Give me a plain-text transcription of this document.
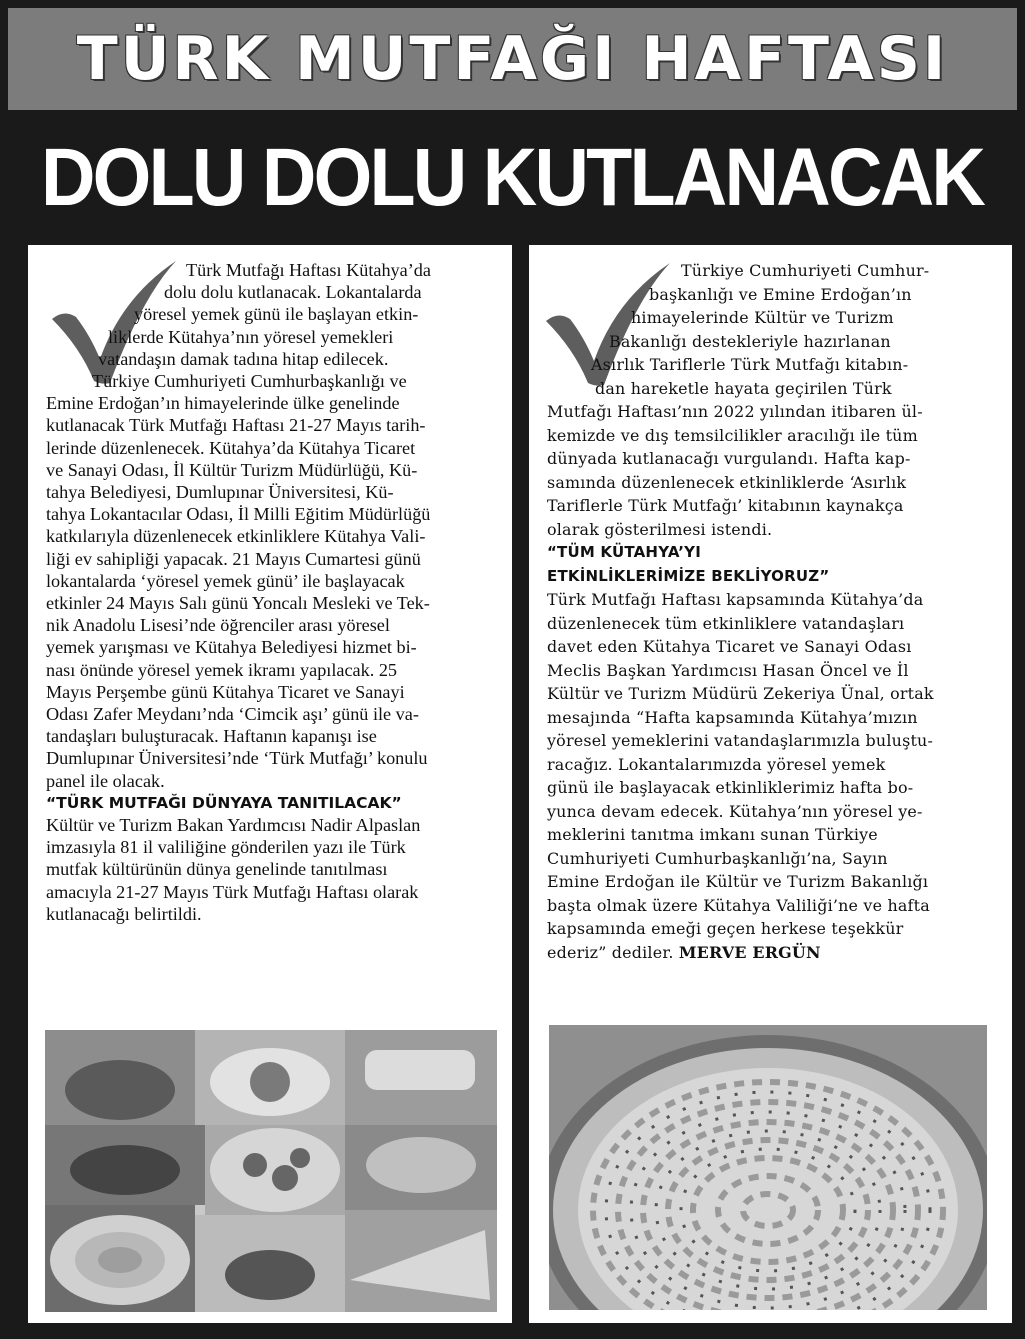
TÜRK MUTFAĞI HAFTASI
DOLU DOLU KUTLANACAK
Türk Mutfağı Haftası Kütahya’da
dolu dolu kutlanacak. Lokantalarda
yöresel yemek günü ile başlayan etkin-
liklerde Kütahya’nın yöresel yemekleri
vatandaşın damak tadına hitap edilecek.
Türkiye Cumhuriyeti Cumhurbaşkanlığı ve
Emine Erdoğan’ın himayelerinde ülke genelinde
kutlanacak Türk Mutfağı Haftası 21-27 Mayıs tarih-
lerinde düzenlenecek. Kütahya’da Kütahya Ticaret
ve Sanayi Odası, İl Kültür Turizm Müdürlüğü, Kü-
tahya Belediyesi, Dumlupınar Üniversitesi, Kü-
tahya Lokantacılar Odası, İl Milli Eğitim Müdürlüğü
katkılarıyla düzenlenecek etkinliklere Kütahya Vali-
liği ev sahipliği yapacak. 21 Mayıs Cumartesi günü
lokantalarda ‘yöresel yemek günü’ ile başlayacak
etkinler 24 Mayıs Salı günü Yoncalı Mesleki ve Tek-
nik Anadolu Lisesi’nde öğrenciler arası yöresel
yemek yarışması ve Kütahya Belediyesi hizmet bi-
nası önünde yöresel yemek ikramı yapılacak. 25
Mayıs Perşembe günü Kütahya Ticaret ve Sanayi
Odası Zafer Meydanı’nda ‘Cimcik aşı’ günü ile va-
tandaşları buluşturacak. Haftanın kapanışı ise
Dumlupınar Üniversitesi’nde ‘Türk Mutfağı’ konulu
panel ile olacak.
“TÜRK MUTFAĞI DÜNYAYA TANITILACAK”
Kültür ve Turizm Bakan Yardımcısı Nadir Alpaslan
imzasıyla 81 il valiliğine gönderilen yazı ile Türk
mutfak kültürünün dünya genelinde tanıtılması
amacıyla 21-27 Mayıs Türk Mutfağı Haftası olarak
kutlanacağı belirtildi.
Türkiye Cumhuriyeti Cumhur-
başkanlığı ve Emine Erdoğan’ın
himayelerinde Kültür ve Turizm
Bakanlığı destekleriyle hazırlanan
Asırlık Tariflerle Türk Mutfağı kitabın-
dan hareketle hayata geçirilen Türk
Mutfağı Haftası’nın 2022 yılından itibaren ül-
kemizde ve dış temsilcilikler aracılığı ile tüm
dünyada kutlanacağı vurgulandı. Hafta kap-
samında düzenlenecek etkinliklerde ‘Asırlık
Tariflerle Türk Mutfağı’ kitabının kaynakça
olarak gösterilmesi istendi.
“TÜM KÜTAHYA’YI
ETKİNLİKLERİMİZE BEKLİYORUZ”
Türk Mutfağı Haftası kapsamında Kütahya’da
düzenlenecek tüm etkinliklere vatandaşları
davet eden Kütahya Ticaret ve Sanayi Odası
Meclis Başkan Yardımcısı Hasan Öncel ve İl
Kültür ve Turizm Müdürü Zekeriya Ünal, ortak
mesajında “Hafta kapsamında Kütahya’mızın
yöresel yemeklerini vatandaşlarımızla buluştu-
racağız. Lokantalarımızda yöresel yemek
günü ile başlayacak etkinliklerimiz hafta bo-
yunca devam edecek. Kütahya’nın yöresel ye-
meklerini tanıtma imkanı sunan Türkiye
Cumhuriyeti Cumhurbaşkanlığı’na, Sayın
Emine Erdoğan ile Kültür ve Turizm Bakanlığı
başta olmak üzere Kütahya Valiliği’ne ve hafta
kapsamında emeği geçen herkese teşekkür
ederiz” dediler. MERVE ERGÜN
